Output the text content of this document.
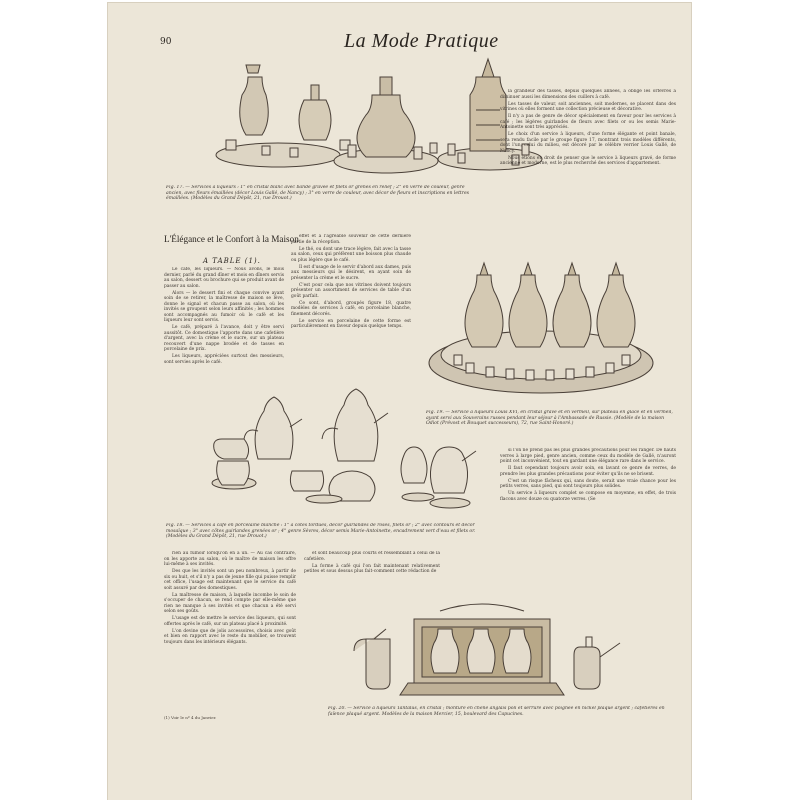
90	La Mode Pratique
Fig. 17. — Services à liqueurs : 1° en cristal blanc avec bande gravée et filets or grenés en relief ; 2° en verre de couleur, genre ancien, avec fleurs émaillées (décor Louis Gallé, de Nancy) ; 3° en verre de couleur, avec décor de fleurs et inscriptions en lettres émaillées. (Modèles du Grand Dépôt, 21, rue Drouot.)
L'Élégance et le Confort à la Maison
A TABLE (1).

Le café, les liqueurs. — Nous avons, le mois dernier, parlé du grand dîner et mois en dîners servis au salon, dessert ou brochure qui se produit avant de passer au salon.

Alors — le dessert fini et chaque convive ayant soin de se retirer, la maîtresse de maison se lève, donne le signal et chacun passe au salon, où les invités se groupent selon leurs affinités ; les hommes sont accompagnés au fumoir où le café et les liqueurs leur sont servis.

Le café, préparé à l'avance, doit y être servi aussitôt. Ce domestique l'apporte dans une cafetière d'argent, avec la crème et le sucre, sur un plateau recouvert d'une nappe brodée et de tasses en porcelaine de prix.

Les liqueurs, appréciées surtout des messieurs, sont servies après le café.

effet et à l'agréable souvenir de cette dernière partie de la réception.

Le thé, ou dont une trace légère, fait avec la tasse au salon, ceux qui préfèrent une boisson plus chaude ou plus légère que le café.

Il est d'usage de le servir d'abord aux dames, puis aux messieurs qui le désirent, en ayant soin de présenter la crème et le sucre.

C'est pour cela que nos vitrines doivent toujours présenter un assortiment de services de table d'un goût parfait.

Ce sont, d'abord, groupés figure 18, quatre modèles de services à café, en porcelaine blanche, finement décorés.

Le service en porcelaine de cette forme est particulièrement en faveur depuis quelque temps.

la grandeur des tasses, depuis quelques années, a obligé les orfèvres à diminuer aussi les dimensions des cuillers à café.

Les tasses de valeur, soit anciennes, soit modernes, se placent dans des vitrines où elles forment une collection précieuse et décorative.

Il n'y a pas de genre de décor spécialement en faveur pour les services à café ; les légères guirlandes de fleurs avec filets or ou les semis Marie-Antoinette sont très appréciés.

Le choix d'un service à liqueurs, d'une forme élégante et point banale, sera rendu facile par le groupe figure 17, montrant trois modèles différents, dont l'un, celui du milieu, est décoré par le célèbre verrier Louis Gallé, de Nancy.

Nous étions en droit de penser que le service à liqueurs gravé, de forme ancienne et moderne, est le plus recherché des services d'appartement.

Fig. 19. — Service à liqueurs Louis XVI, en cristal gravé et en vermeil, sur plateau en glace et en vermeil, ayant servi aux Souverains russes pendant leur séjour à l'Ambassade de Russie. (Modèle de la maison Odiot (Prévost et Bouquet successeurs), 72, rue Saint-Honoré.)
Fig. 18. — Services à café en porcelaine blanche : 1° à côtes tordues, décor guirlandes de roses, filets or ; 2° avec contours et décor mosaïque ; 3° avec côtes guirlandes grenées or ; 4° genre Sèvres, décor semis Marie-Antoinette, encadrement vert d'eau et filets or. (Modèles du Grand Dépôt, 21, rue Drouot.)

rien au fumoir lorsqu'on en a un. — Au cas contraire, on les apporte au salon, où le maître de maison les offre lui-même à ses invités.

Des que les invités sont un peu nombreux, à partir de six ou huit, et s'il n'y a pas de jeune fille qui puisse remplir cet office, l'usage est maintenant que le service du café soit assuré par des domestiques.

La maîtresse de maison, à laquelle incombe le soin de s'occuper de chacun, se rend compte par elle-même que rien ne manque à ses invités et que chacun a été servi selon ses goûts.

L'usage est de mettre le service des liqueurs, qui sont offertes après le café, sur un plateau placé à proximité.

L'on devine que de jolis accessoires, choisis avec goût et bien en rapport avec le reste du mobilier, se trouvent toujours dans les intérieurs élégants.

(1) Voir le nº 4 du Janvier.

et sont beaucoup plus courts et ressemblant à celui de la cafetière.

La forme à café qui l'on fait maintenant relativement petites et sous dessus plus fait-comment cette rédaction de

si l'on ne prend pas les plus grandes précautions pour les ranger. De hauts verres à large pied, genre ancien, comme ceux du modèle de Gallé, n'auront point cet inconvénient, tout en gardant une élégance rare dans le service.

Il faut cependant toujours avoir soin, en lavant ce genre de verres, de prendre les plus grandes précautions pour éviter qu'ils ne se brisent.

C'est un risque fâcheux qui, sans doute, serait une vraie chance pour les petits verres, sans pied, qui sont toujours plus solides.

Un service à liqueurs complet se compose en moyenne, en effet, de trois flacons avec douze ou quatorze verres. (Se

Fig. 20. — Service à liqueurs Tantalus, en cristal ; monture en chêne anglais poli et serrure avec poignée en nickel plaqué argent ; cafetières en faïence plaqué argent. Modèles de la maison Mercier, 15, boulevard des Capucines.
